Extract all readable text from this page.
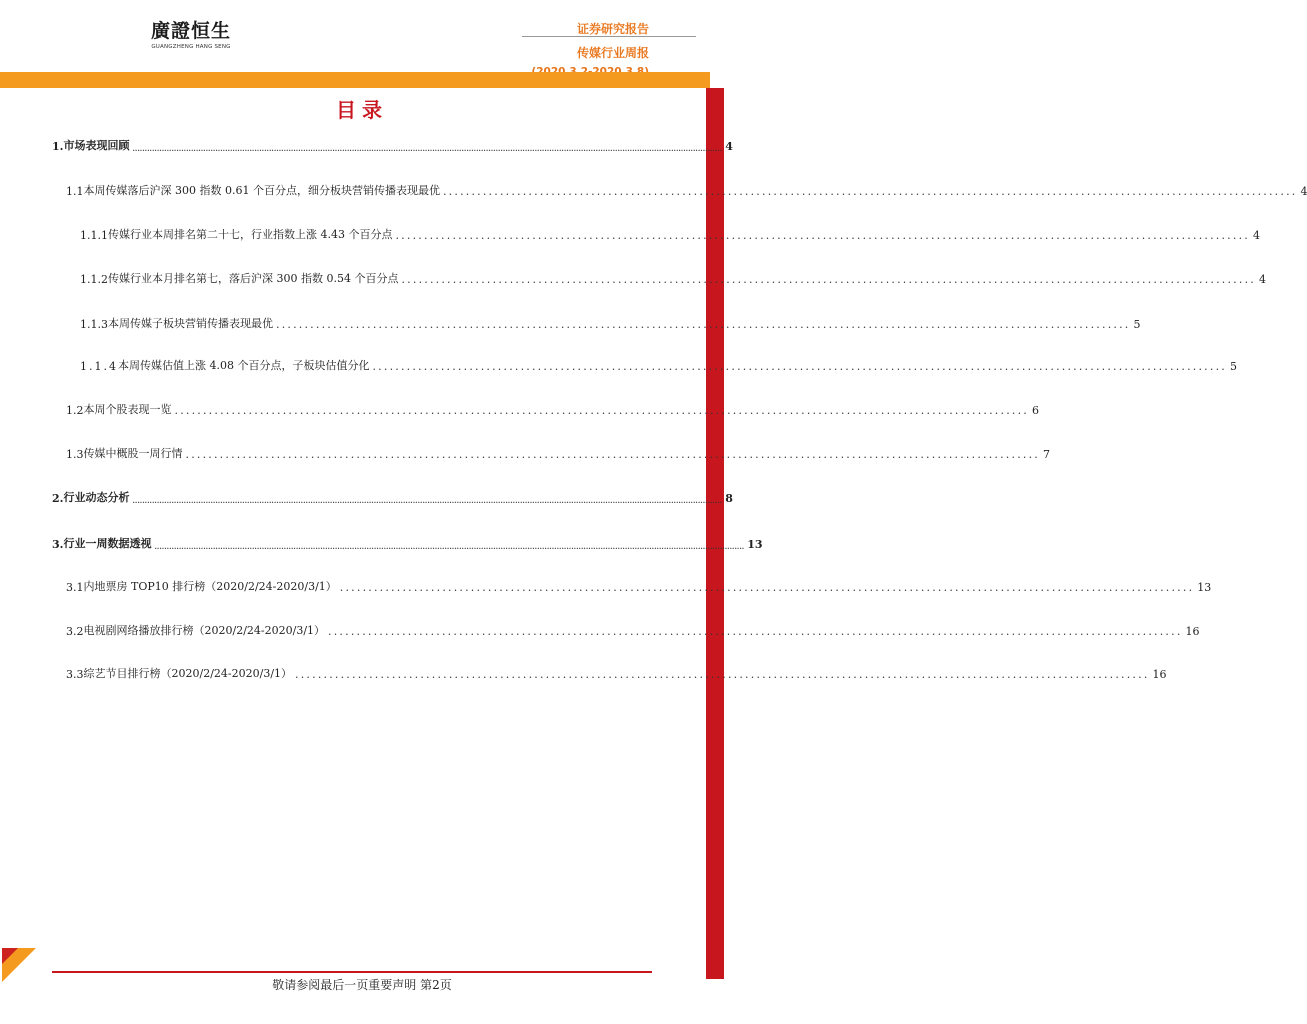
廣證恒生
GUANGZHENG HANG SENG
证券研究报告
传媒行业周报
目录
1. 市场表现回顾 .................................................................................................................................................................................................................................................. 4
1.1 本周传媒落后沪深 300 指数 0.61 个百分点，细分板块营销传播表现最优 ...................................................................................................................................................... 4
1.1.1 传媒行业本周排名第二十七，行业指数上涨 4.43 个百分点 ...................................................................................................................................................... 4
1.1.2 传媒行业本月排名第七，落后沪深 300 指数 0.54 个百分点 ...................................................................................................................................................... 4
1.1.3 本周传媒子板块营销传播表现最优 ...................................................................................................................................................... 5
1.1.4 本周传媒估值上涨 4.08 个百分点，子板块估值分化 ...................................................................................................................................................... 5
1.2 本周个股表现一览 ...................................................................................................................................................... 6
1.3 传媒中概股一周行情 ...................................................................................................................................................... 7
2. 行业动态分析 .................................................................................................................................................................................................................................................. 8
3. 行业一周数据透视 .................................................................................................................................................................................................................................................. 13
3.1 内地票房 TOP10 排行榜（2020/2/24-2020/3/1） ...................................................................................................................................................... 13
3.2 电视剧网络播放排行榜（2020/2/24-2020/3/1） ...................................................................................................................................................... 16
3.3 综艺节目排行榜（2020/2/24-2020/3/1） ...................................................................................................................................................... 16
敬请参阅最后一页重要声明 第2页
